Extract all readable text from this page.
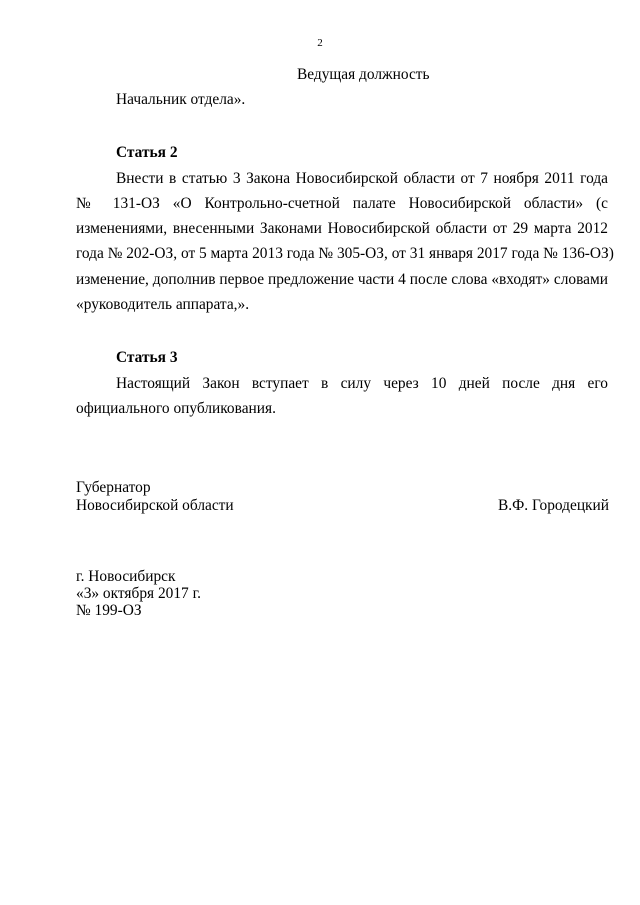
2
Ведущая должность
Начальник отдела».
Статья 2
Внести в статью 3 Закона Новосибирской области от 7 ноября 2011 года
№ 131-ОЗ «О Контрольно-счетной палате Новосибирской области» (с
изменениями, внесенными Законами Новосибирской области от 29 марта 2012
года № 202-ОЗ, от 5 марта 2013 года № 305-ОЗ, от 31 января 2017 года № 136-ОЗ)
изменение, дополнив первое предложение части 4 после слова «входят» словами
«руководитель аппарата,».
Статья 3
Настоящий Закон вступает в силу через 10 дней после дня его
официального опубликования.
Губернатор
Новосибирской области	В.Ф. Городецкий
г. Новосибирск
«3» октября 2017 г.
№ 199-ОЗ
